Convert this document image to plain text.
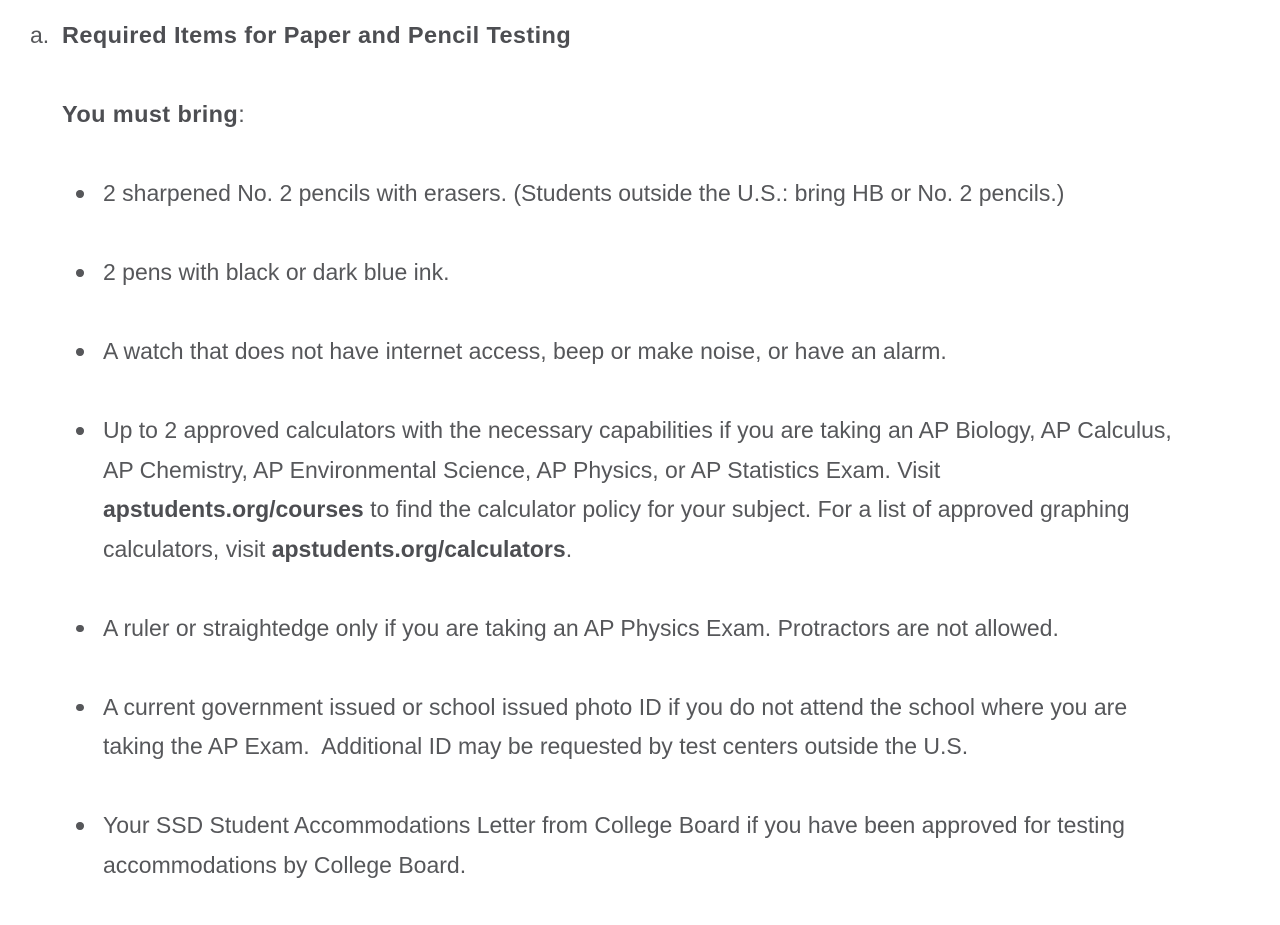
a. Required Items for Paper and Pencil Testing

You must bring:

2 sharpened No. 2 pencils with erasers. (Students outside the U.S.: bring HB or No. 2 pencils.)
2 pens with black or dark blue ink.
A watch that does not have internet access, beep or make noise, or have an alarm.
Up to 2 approved calculators with the necessary capabilities if you are taking an AP Biology, AP Calculus, AP Chemistry, AP Environmental Science, AP Physics, or AP Statistics Exam. Visit apstudents.org/courses to find the calculator policy for your subject. For a list of approved graphing calculators, visit apstudents.org/calculators.
A ruler or straightedge only if you are taking an AP Physics Exam. Protractors are not allowed.
A current government issued or school issued photo ID if you do not attend the school where you are taking the AP Exam.  Additional ID may be requested by test centers outside the U.S.
Your SSD Student Accommodations Letter from College Board if you have been approved for testing accommodations by College Board.
